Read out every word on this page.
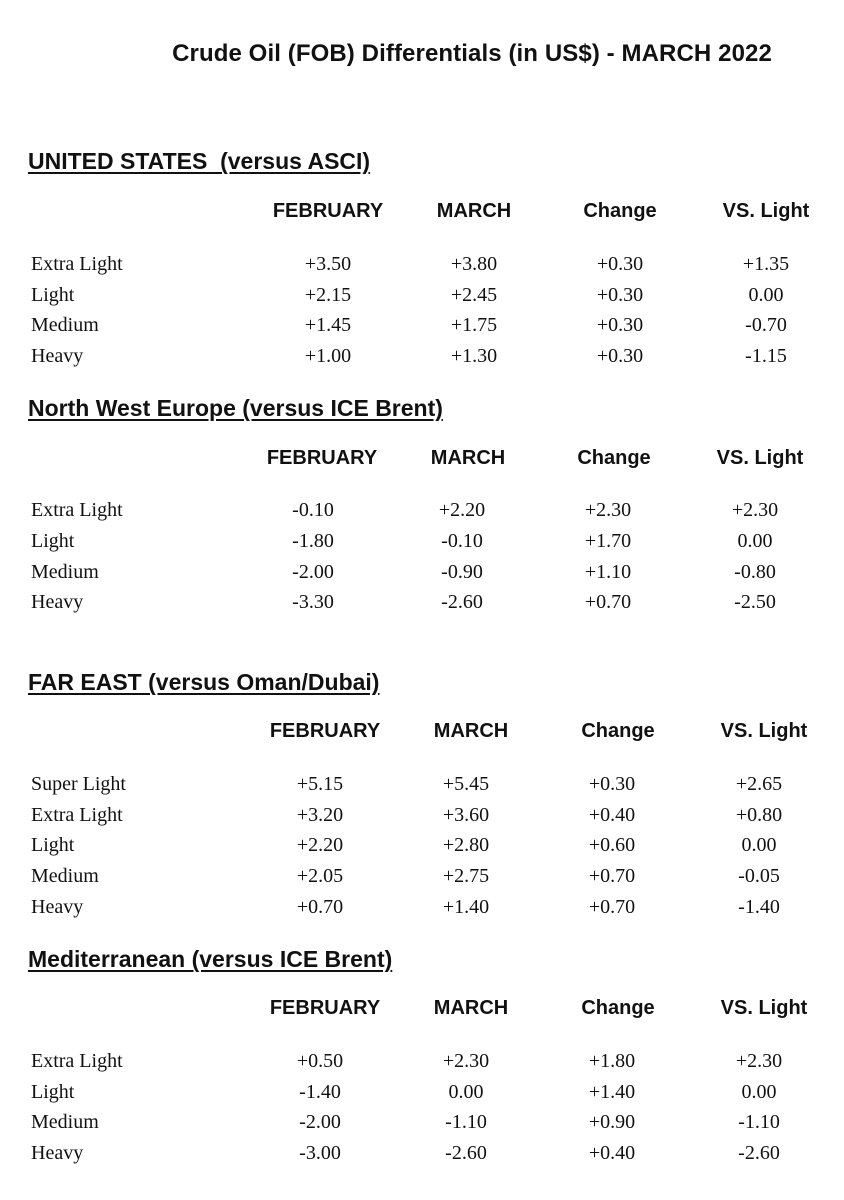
Crude Oil (FOB) Differentials (in US$) - MARCH 2022
UNITED STATES  (versus ASCI)
FEBRUARY	MARCH	Change	VS. Light
Extra Light	+3.50	+3.80	+0.30	+1.35
Light	+2.15	+2.45	+0.30	0.00
Medium	+1.45	+1.75	+0.30	-0.70
Heavy	+1.00	+1.30	+0.30	-1.15
North West Europe (versus ICE Brent)
FEBRUARY	MARCH	Change	VS. Light
Extra Light	-0.10	+2.20	+2.30	+2.30
Light	-1.80	-0.10	+1.70	0.00
Medium	-2.00	-0.90	+1.10	-0.80
Heavy	-3.30	-2.60	+0.70	-2.50
FAR EAST (versus Oman/Dubai)
FEBRUARY	MARCH	Change	VS. Light
Super Light	+5.15	+5.45	+0.30	+2.65
Extra Light	+3.20	+3.60	+0.40	+0.80
Light	+2.20	+2.80	+0.60	0.00
Medium	+2.05	+2.75	+0.70	-0.05
Heavy	+0.70	+1.40	+0.70	-1.40
Mediterranean (versus ICE Brent)
FEBRUARY	MARCH	Change	VS. Light
Extra Light	+0.50	+2.30	+1.80	+2.30
Light	-1.40	0.00	+1.40	0.00
Medium	-2.00	-1.10	+0.90	-1.10
Heavy	-3.00	-2.60	+0.40	-2.60
